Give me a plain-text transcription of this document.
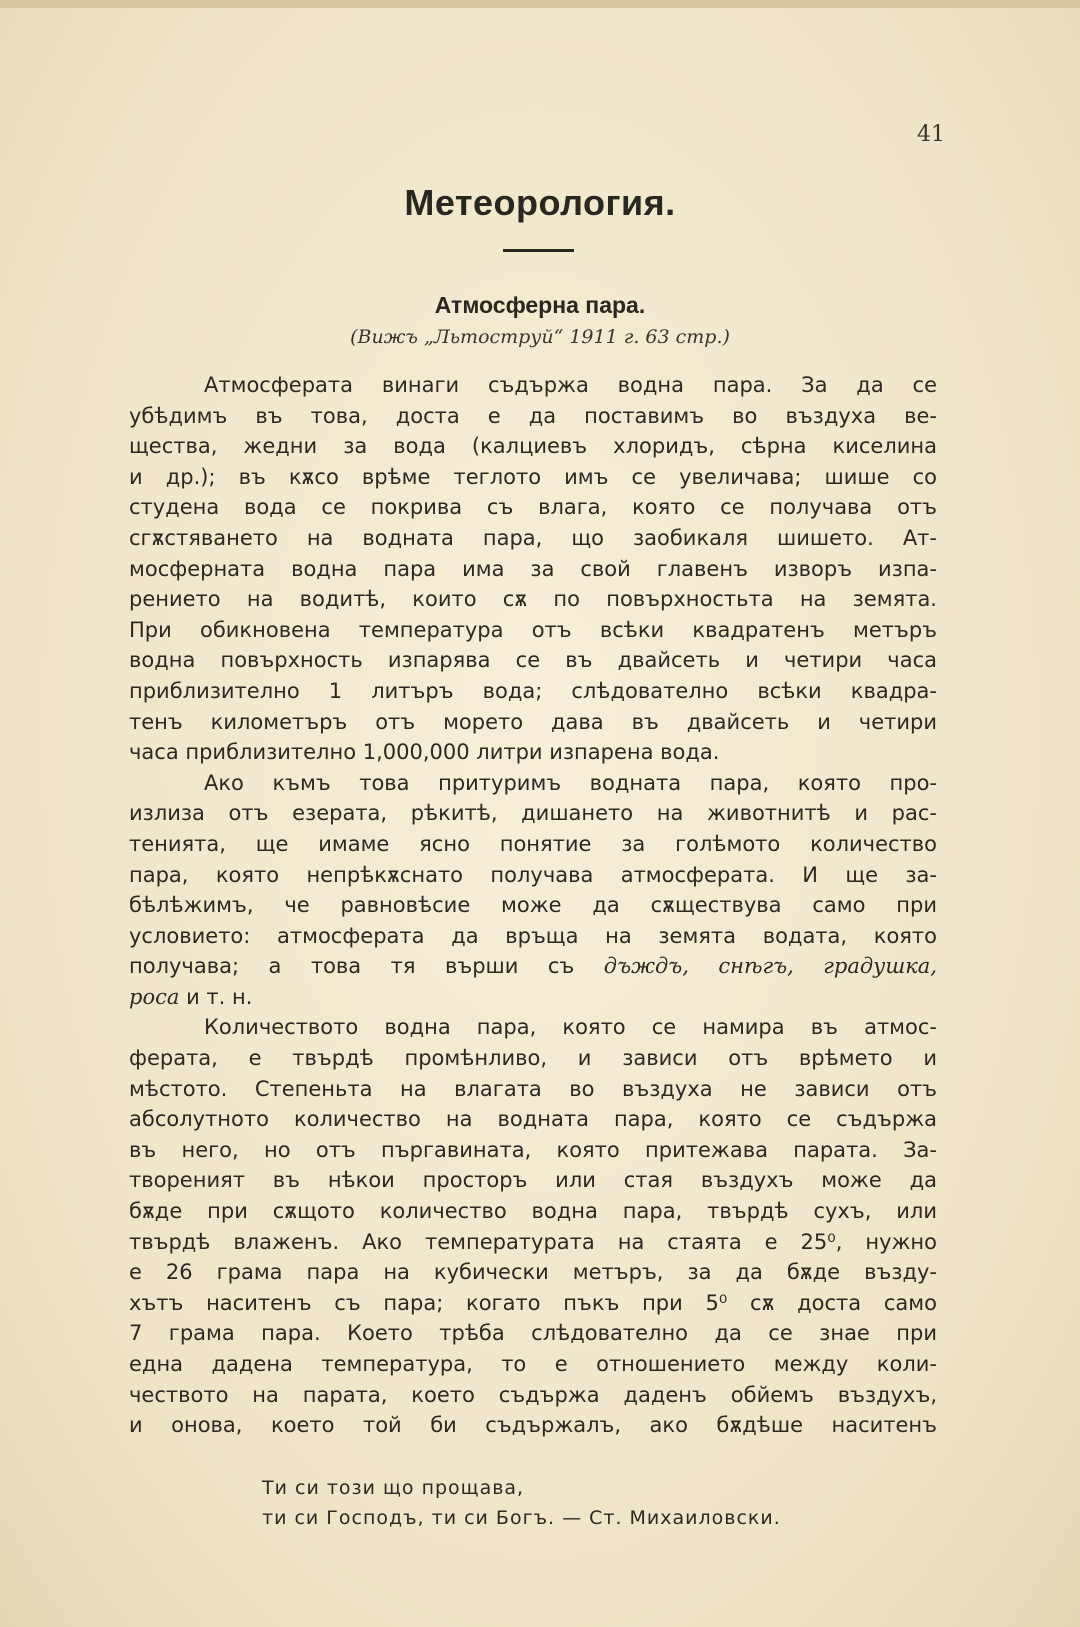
41
Метеорология.
Атмосферна пара.
(Вижъ „Льтоструй“ 1911 г. 63 стр.)
Атмосферата винаги съдържа водна пара. За да се
убѣдимъ въ това, доста е да поставимъ во въздуха ве-
щества, жедни за вода (калциевъ хлоридъ, сѣрна киселина
и др.); въ кѫсо врѣме теглото имъ се увеличава; шише со
студена вода се покрива съ влага, която се получава отъ
сгѫстяването на водната пара, що заобикаля шишето. Ат-
мосферната водна пара има за свой главенъ изворъ изпа-
рението на водитѣ, които сѫ по повърхностьта на земята.
При обикновена температура отъ всѣки квадратенъ метъръ
водна повърхность изпарява се въ двайсеть и четири часа
приблизително 1 литъръ вода; слѣдователно всѣки квадра-
тенъ километъръ отъ морето дава въ двайсеть и четири
часа приблизително 1,000,000 литри изпарена вода.
Ако къмъ това притуримъ водната пара, която про-
излиза отъ езерата, рѣкитѣ, дишането на животнитѣ и рас-
тенията, ще имаме ясно понятие за голѣмото количество
пара, която непрѣкѫснато получава атмосферата. И ще за-
бѣлѣжимъ, че равновѣсие може да сѫществува само при
условието: атмосферата да връща на земята водата, която
получава; а това тя върши съ дъждъ, снѣгъ, градушка,
роса и т. н.
Количеството водна пара, която се намира въ атмос-
ферата, е твърдѣ промѣнливо, и зависи отъ врѣмето и
мѣстото. Степеньта на влагата во въздуха не зависи отъ
абсолутното количество на водната пара, която се съдържа
въ него, но отъ пъргавината, която притежава парата. За-
твореният въ нѣкои просторъ или стая въздухъ може да
бѫде при сѫщото количество водна пара, твърдѣ сухъ, или
твърдѣ влаженъ. Ако температурата на стаята е 25⁰, нужно
е 26 грама пара на кубически метъръ, за да бѫде възду-
хътъ наситенъ съ пара; когато пъкъ при 5⁰ сѫ доста само
7 грама пара. Което трѣба слѣдователно да се знае при
една дадена температура, то е отношението между коли-
чеството на парата, което съдържа даденъ обйемъ въздухъ,
и онова, което той би съдържалъ, ако бѫдѣше наситенъ
Ти си този що прощава,
ти си Господъ, ти си Богъ. — Ст. Михаиловски.
